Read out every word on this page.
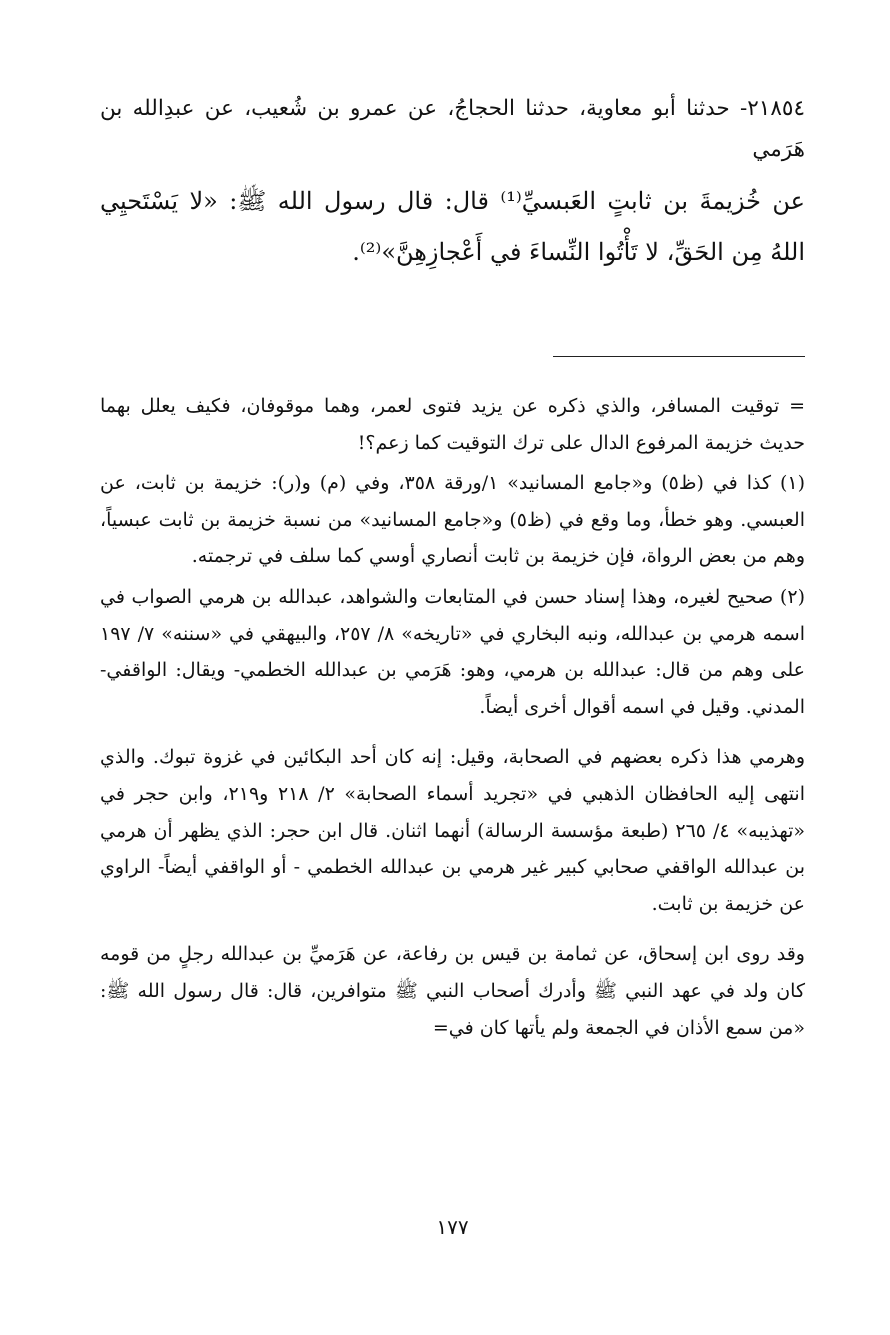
٢١٨٥٤- حدثنا أبو معاوية، حدثنا الحجاجُ، عن عمرو بن شُعيب، عن عبدِالله بن هَرَمي

عن خُزيمةَ بن ثابتٍ العَبسيِّ⁽¹⁾ قال: قال رسول الله ﷺ: «لا يَسْتَحيِي اللهُ مِن الحَقِّ، لا تَأْتُوا النِّساءَ في أَعْجازِهِنَّ»⁽²⁾.

= توقيت المسافر، والذي ذكره عن يزيد فتوى لعمر، وهما موقوفان، فكيف يعلل بهما حديث خزيمة المرفوع الدال على ترك التوقيت كما زعم؟!

(١) كذا في (ظ٥) و«جامع المسانيد» ١/ورقة ٣٥٨، وفي (م) و(ر): خزيمة بن ثابت، عن العبسي. وهو خطأ، وما وقع في (ظ٥) و«جامع المسانيد» من نسبة خزيمة بن ثابت عبسياً، وهم من بعض الرواة، فإن خزيمة بن ثابت أنصاري أوسي كما سلف في ترجمته.

(٢) صحيح لغيره، وهذا إسناد حسن في المتابعات والشواهد، عبدالله بن هرمي الصواب في اسمه هرمي بن عبدالله، ونبه البخاري في «تاريخه» ٨/ ٢٥٧، والبيهقي في «سننه» ٧/ ١٩٧ على وهم من قال: عبدالله بن هرمي، وهو: هَرَمي بن عبدالله الخطمي- ويقال: الواقفي- المدني. وقيل في اسمه أقوال أخرى أيضاً.

وهرمي هذا ذكره بعضهم في الصحابة، وقيل: إنه كان أحد البكائين في غزوة تبوك. والذي انتهى إليه الحافظان الذهبي في «تجريد أسماء الصحابة» ٢/ ٢١٨ و٢١٩، وابن حجر في «تهذيبه» ٤/ ٢٦٥ (طبعة مؤسسة الرسالة) أنهما اثنان. قال ابن حجر: الذي يظهر أن هرمي بن عبدالله الواقفي صحابي كبير غير هرمي بن عبدالله الخطمي - أو الواقفي أيضاً- الراوي عن خزيمة بن ثابت.

وقد روى ابن إسحاق، عن ثمامة بن قيس بن رفاعة، عن هَرَميِّ بن عبدالله رجلٍ من قومه كان ولد في عهد النبي ﷺ وأدرك أصحاب النبي ﷺ متوافرين، قال: قال رسول الله ﷺ: «من سمع الأذان في الجمعة ولم يأتها كان في=

١٧٧
